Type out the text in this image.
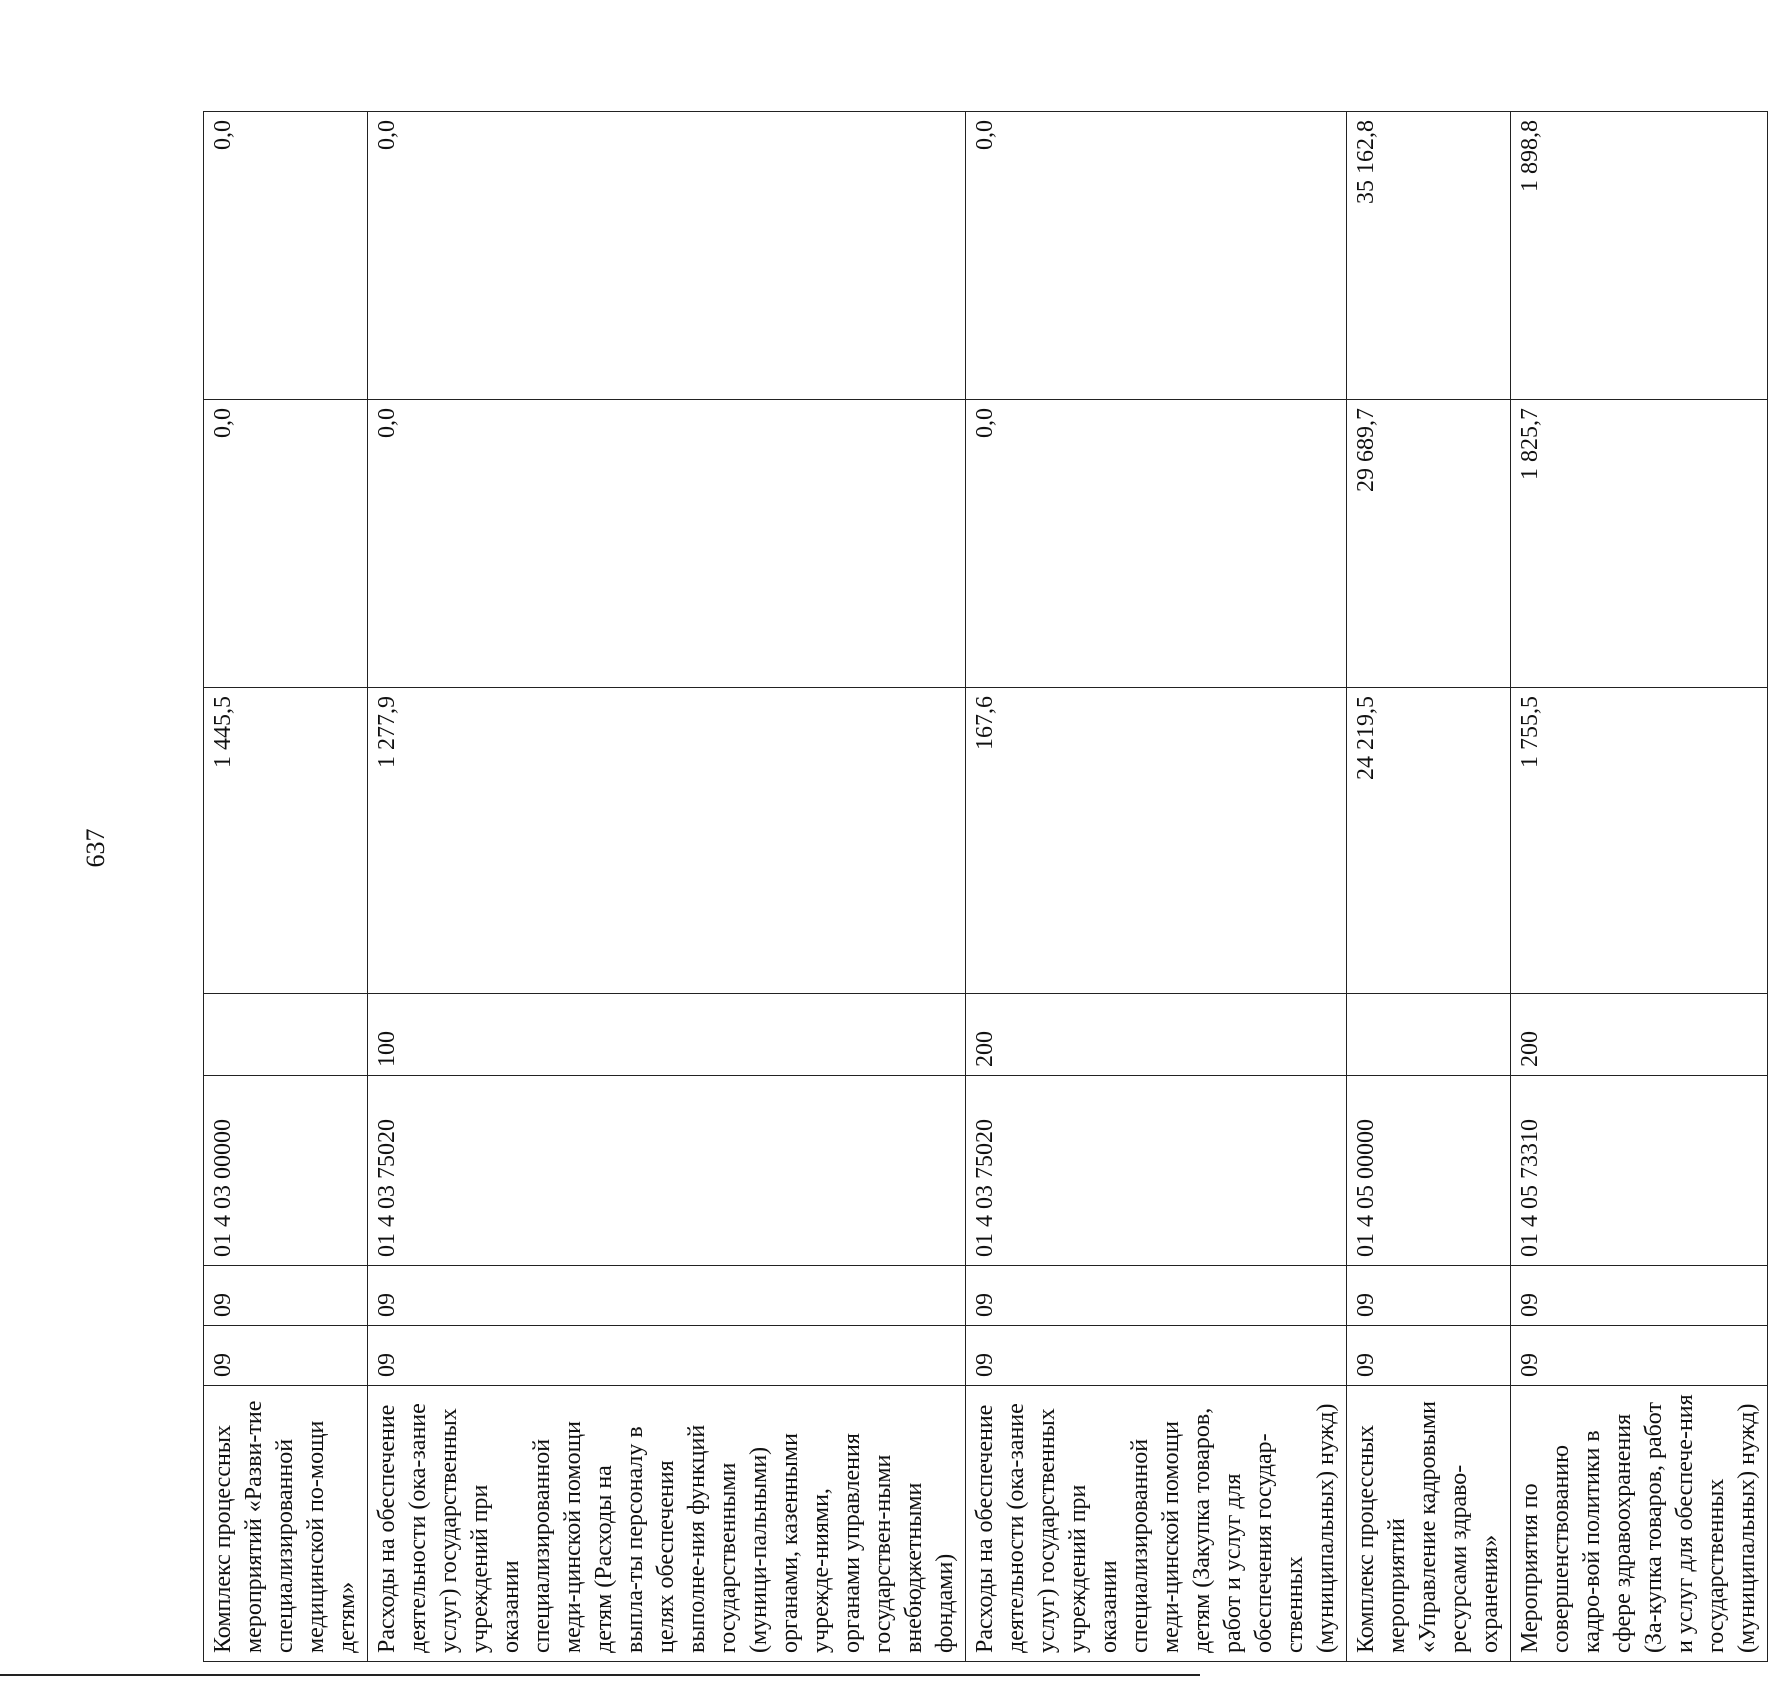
637
Комплекс процессных мероприятий «Разви-тие специализированной медицинской по-мощи детям»	09	09	01 4 03 00000		1 445,5	0,0	0,0
Расходы на обеспечение деятельности (ока-зание услуг) государственных учреждений при оказании специализированной меди-цинской помощи детям (Расходы на выпла-ты персоналу в целях обеспечения выполне-ния функций государственными (муници-пальными) органами, казенными учрежде-ниями, органами управления государствен-ными внебюджетными фондами)	09	09	01 4 03 75020	100	1 277,9	0,0	0,0
Расходы на обеспечение деятельности (ока-зание услуг) государственных учреждений при оказании специализированной меди-цинской помощи детям (Закупка товаров, работ и услуг для обеспечения государ-ственных (муниципальных) нужд)	09	09	01 4 03 75020	200	167,6	0,0	0,0
Комплекс процессных мероприятий «Управление кадровыми ресурсами здраво-охранения»	09	09	01 4 05 00000		24 219,5	29 689,7	35 162,8
Мероприятия по совершенствованию кадро-вой политики в сфере здравоохранения (За-купка товаров, работ и услуг для обеспече-ния государственных (муниципальных) нужд)	09	09	01 4 05 73310	200	1 755,5	1 825,7	1 898,8
